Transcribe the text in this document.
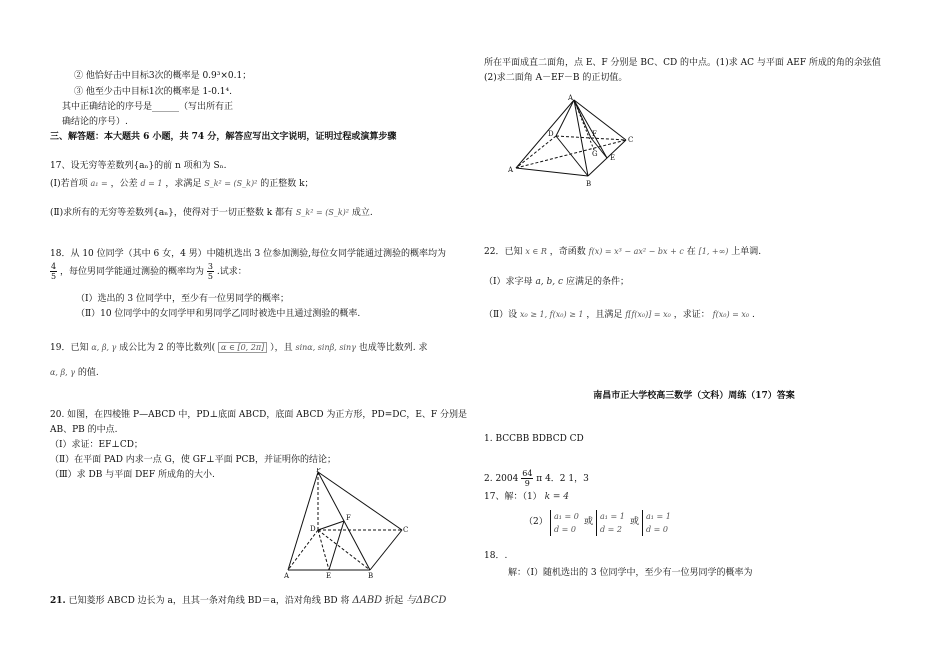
② 他恰好击中目标3次的概率是 0.9³×0.1；
③ 他至少击中目标1次的概率是 1-0.1⁴.
其中正确结论的序号是______（写出所有正
确结论的序号）.
三、解答题：本大题共 6 小题，共 74 分，解答应写出文字说明，证明过程或演算步骤
17、设无穷等差数列{aₙ}的前 n 项和为 Sₙ.
(Ⅰ)若首项 a₁ = ，公差 d = 1 ，求满足 S_k² = (S_k)² 的正整数 k；
(Ⅱ)求所有的无穷等差数列{aₙ}，使得对于一切正整数 k 都有 S_k² = (S_k)² 成立.
18．从 10 位同学（其中 6 女，4 男）中随机选出 3 位参加测验,每位女同学能通过测验的概率均为
$\frac{4}{5}$ ，每位男同学能通过测验的概率均为 $\frac{3}{5}$ .试求：
（Ⅰ）选出的 3 位同学中，至少有一位男同学的概率；
（Ⅱ）10 位同学中的女同学甲和男同学乙同时被选中且通过测验的概率.
19．已知 α, β, γ 成公比为 2 的等比数列( α ∈ [0, 2π] ），且 sinα, sinβ, sinγ 也成等比数列. 求
α, β, γ 的值.
20. 如图，在四棱锥 P—ABCD 中，PD⊥底面 ABCD，底面 ABCD 为正方形，PD=DC，E、F 分别是
AB、PB 的中点.
（Ⅰ）求证：EF⊥CD；
（Ⅱ）在平面 PAD 内求一点 G，使 GF⊥平面 PCB，并证明你的结论；
（Ⅲ）求 DB 与平面 DEF 所成角的大小.
21. 已知菱形 ABCD 边长为 a，且其一条对角线 BD＝a，沿对角线 BD 将 ΔABD 折起 与ΔBCD
P
F
D	C
A	E	B
所在平面成直二面角，点 E、F 分别是 BC、CD 的中点。(1)求 AC 与平面 AEF 所成的角的余弦值
(2)求二面角 A－EF－B 的正切值。
22．已知 x ∈ R ，奇函数 f(x) = x³ − ax² − bx + c 在 [1, +∞) 上单调.
（Ⅰ）求字母 a, b, c 应满足的条件；
（Ⅱ）设 x₀ ≥ 1, f(x₀) ≥ 1 ，且满足 f[f(x₀)] = x₀ ，求证： f(x₀) = x₀ .
南昌市正大学校高三数学（文科）周练（17）答案
1. BCCBB BDBCD CD
2. $2004 \frac{64}{9}$ π 4．2 1，3
17、解：（1） k = 4
（2）
a₁ = 0
d = 0
或
a₁ = 1
d = 2
或
a₁ = 1
d = 0
18．.
解：（Ⅰ）随机选出的 3 位同学中，至少有一位男同学的概率为
A
D	F
G E
C
A
B
